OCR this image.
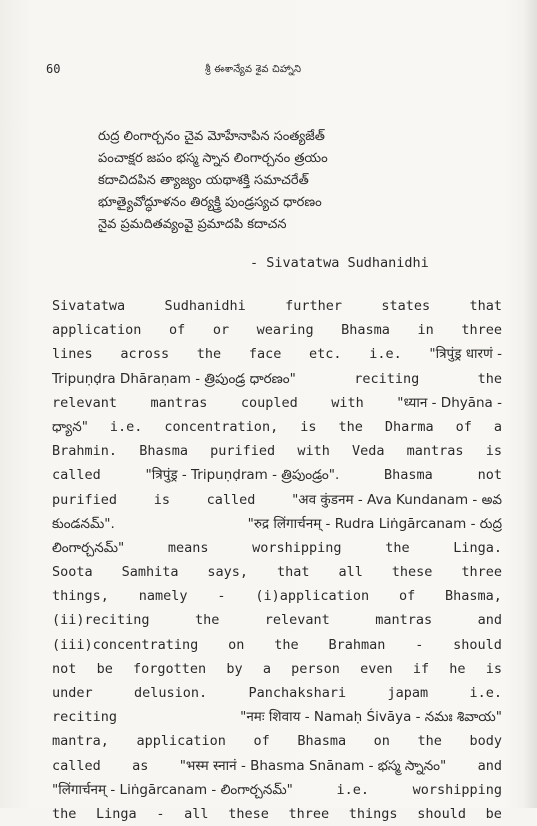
60	శ్రీ ఈశాన్యేవ శైవ చిహ్నాని
రుద్ర లింగార్చనం చైవ మోహేనాపిన సంత్యజేత్
పంచాక్షర జపం భస్మ స్నాన లింగార్చనం త్రయం
కదాచిదపిన త్యాజ్యం యథాశక్తి సమాచరేత్
భూత్యైవోద్ధూళనం తిర్యక్త్రి పుండ్రస్యచ ధారణం
నైవ ప్రమదితవ్యంవై ప్రమాదపి కదాచన
- Sivatatwa Sudhanidhi
Sivatatwa	Sudhanidhi	further	states	that
application of or wearing Bhasma in three
lines across the face etc. i.e. "त्रिपुंड्र धारणं -
Tripuṇḍra Dhāraṇam - త్రిపుండ్ర ధారణం"	reciting	the
relevant mantras coupled with "ध्यान - Dhyāna -
ధ్యాన" i.e. concentration, is the Dharma of a
Brahmin. Bhasma purified with Veda mantras is
called	"त्रिपुंड्र - Tripuṇḍram - త్రిపుండ్రం".	Bhasma	not
purified	is	called	"अव कुंडनम - Ava Kundanam - అవ
కుండనమ్".	"रुद्र लिंगार्चनम् - Rudra Liṅgārcanam - రుద్ర
లింగార్చనమ్"	means	worshipping	the	Linga.
Soota Samhita says, that all these three
things, namely - (i)application of Bhasma,
(ii)reciting	the	relevant	mantras	and
(iii)concentrating on the Brahman - should
not be forgotten by a person even if he is
under	delusion.	Panchakshari	japam	i.e.
reciting	"नमः शिवाय - Namaḥ Śivāya - నమః శివాయ"
mantra, application of Bhasma on the body
called as "भस्म स्नानं - Bhasma Snānam - భస్మ స్నానం" and
"लिंगार्चनम् - Liṅgārcanam - లింగార్చనమ్"	i.e.	worshipping
the Linga - all these three things should be
